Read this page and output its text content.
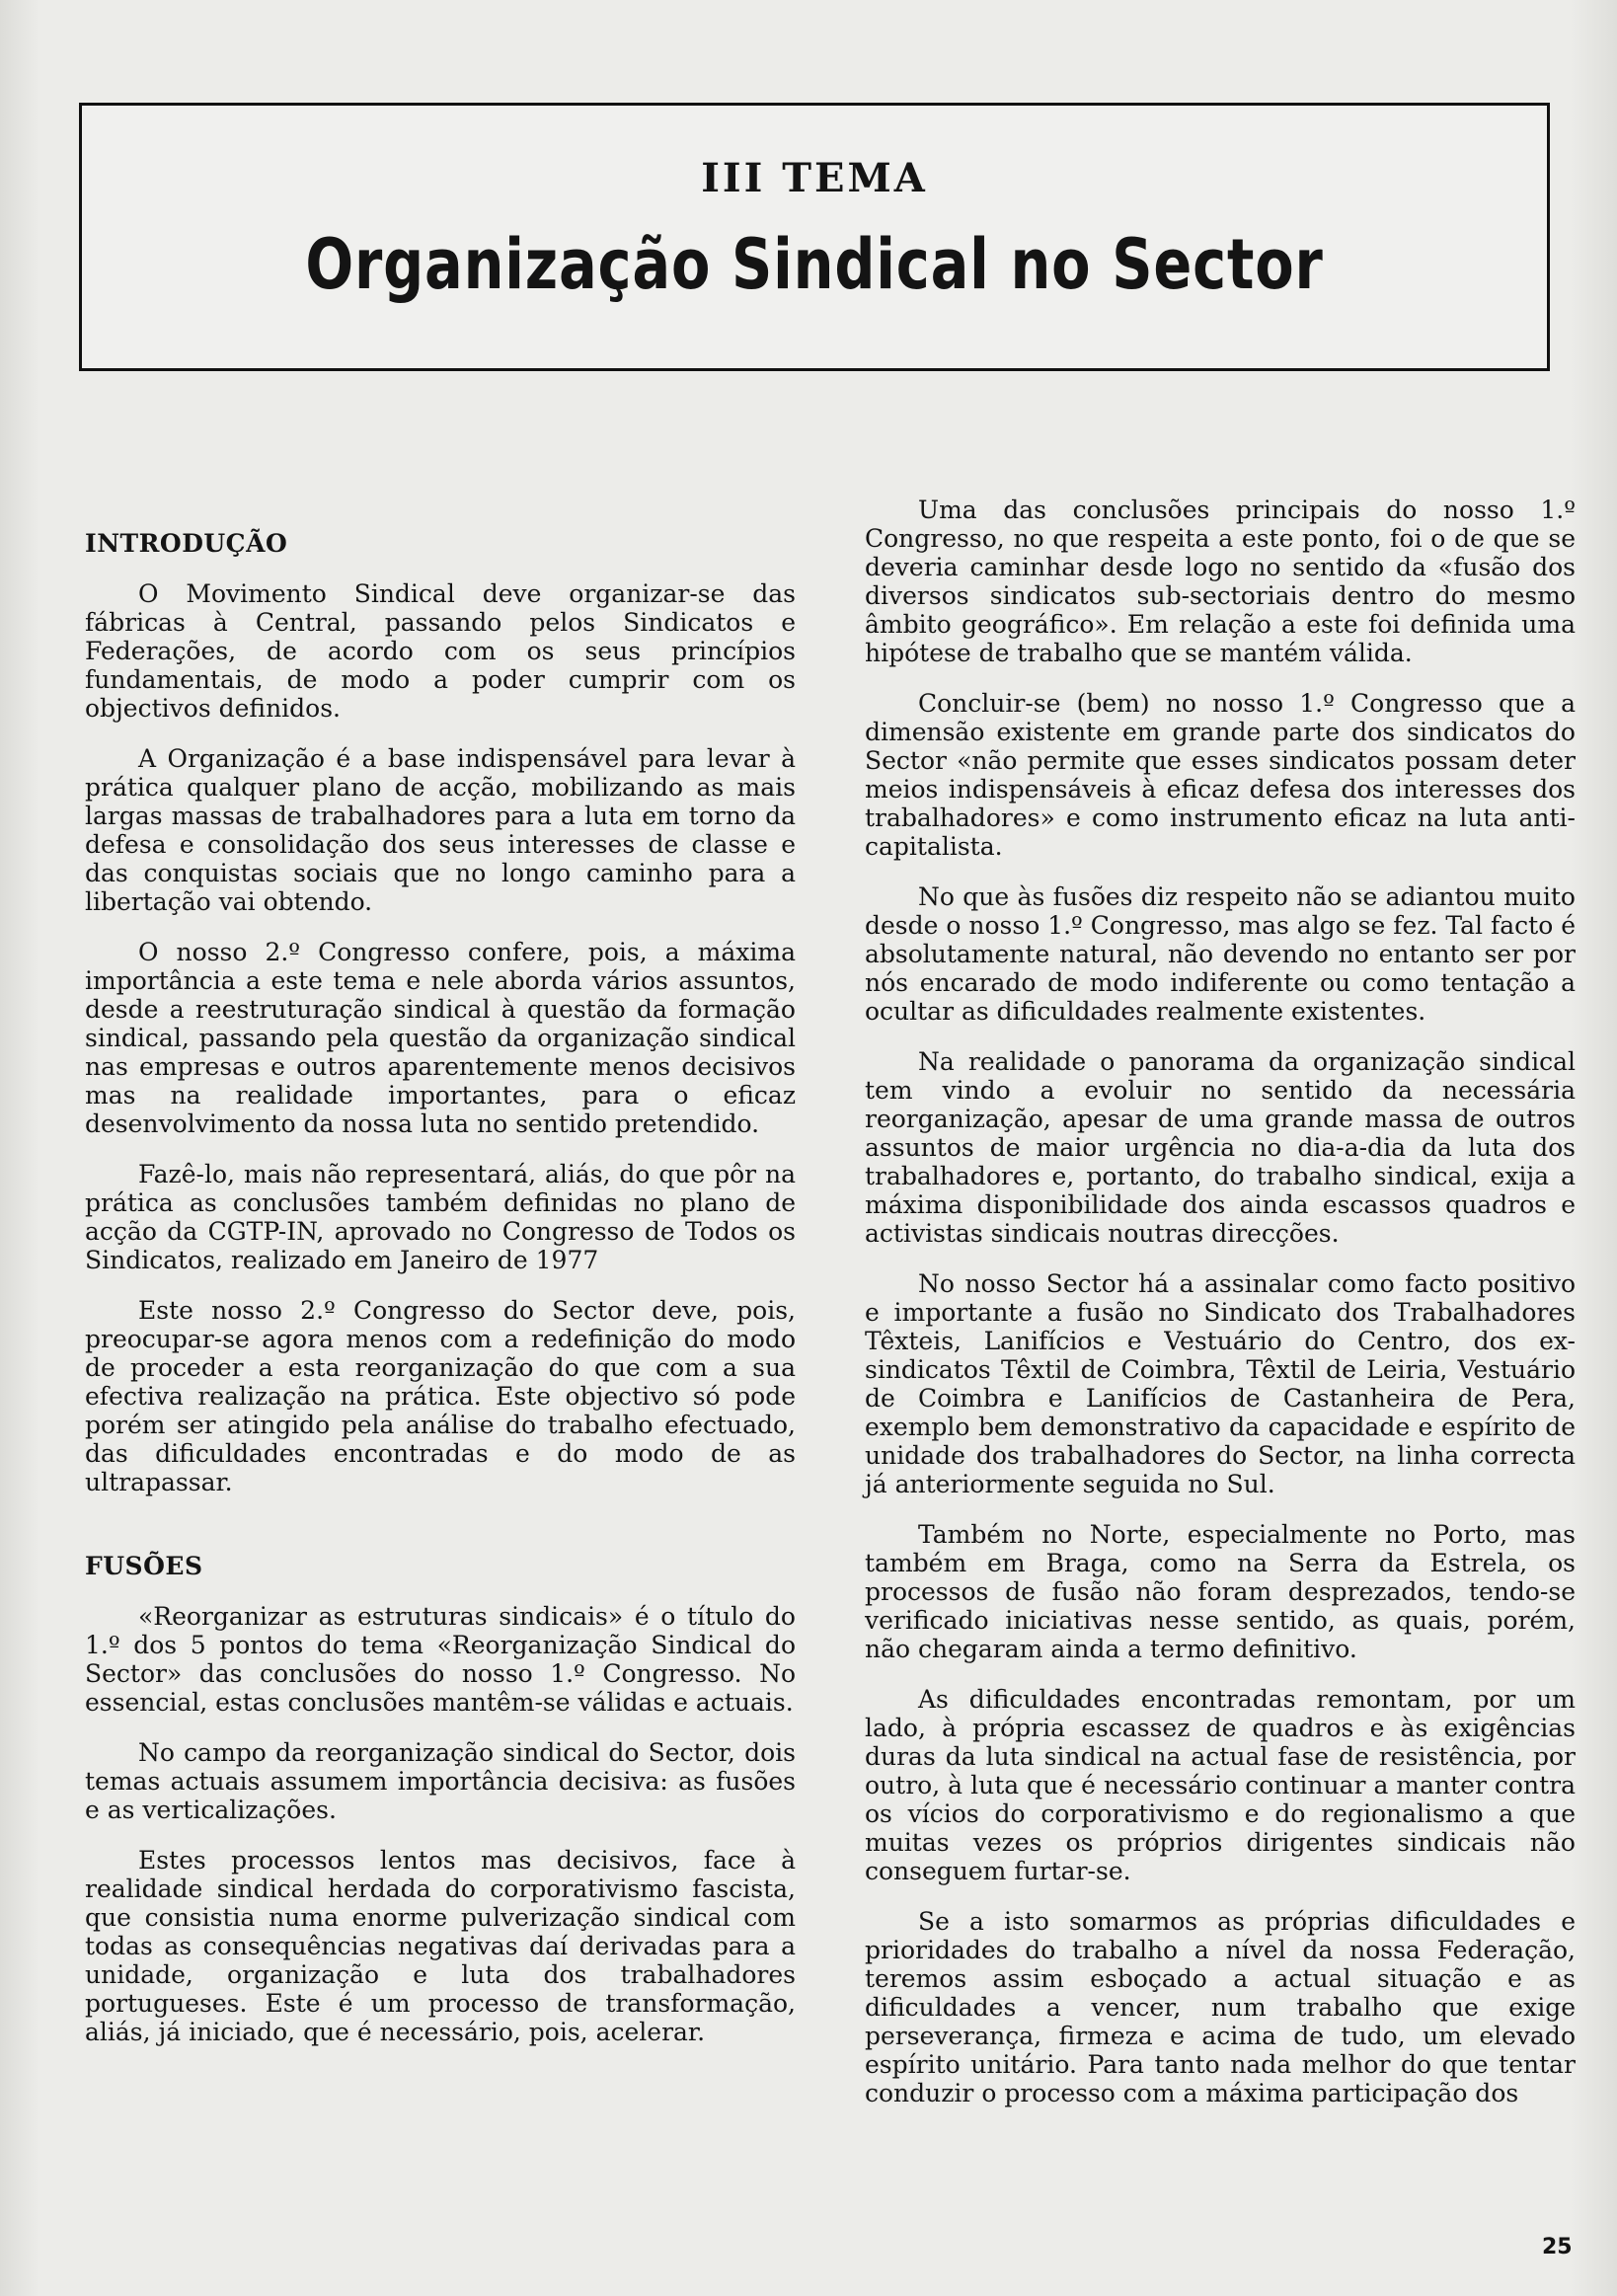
III TEMA
Organização Sindical no Sector
INTRODUÇÃO

O Movimento Sindical deve organizar-se das fábricas à Central, passando pelos Sindicatos e Federações, de acordo com os seus princípios fundamentais, de modo a poder cumprir com os objectivos definidos.

A Organização é a base indispensável para levar à prática qualquer plano de acção, mobilizando as mais largas massas de trabalhadores para a luta em torno da defesa e consolidação dos seus interesses de classe e das conquistas sociais que no longo caminho para a libertação vai obtendo.

O nosso 2.º Congresso confere, pois, a máxima importância a este tema e nele aborda vários assuntos, desde a reestruturação sindical à questão da formação sindical, passando pela questão da organização sindical nas empresas e outros aparentemente menos decisivos mas na realidade importantes, para o eficaz desenvolvimento da nossa luta no sentido pretendido.

Fazê-lo, mais não representará, aliás, do que pôr na prática as conclusões também definidas no plano de acção da CGTP-IN, aprovado no Congresso de Todos os Sindicatos, realizado em Janeiro de 1977

Este nosso 2.º Congresso do Sector deve, pois, preocupar-se agora menos com a redefinição do modo de proceder a esta reorganização do que com a sua efectiva realização na prática. Este objectivo só pode porém ser atingido pela análise do trabalho efectuado, das dificuldades encontradas e do modo de as ultrapassar.

FUSÕES

«Reorganizar as estruturas sindicais» é o título do 1.º dos 5 pontos do tema «Reorganização Sindical do Sector» das conclusões do nosso 1.º Congresso. No essencial, estas conclusões mantêm-se válidas e actuais.

No campo da reorganização sindical do Sector, dois temas actuais assumem importância decisiva: as fusões e as verticalizações.

Estes processos lentos mas decisivos, face à realidade sindical herdada do corporativismo fascista, que consistia numa enorme pulverização sindical com todas as consequências negativas daí derivadas para a unidade, organização e luta dos trabalhadores portugueses. Este é um processo de transformação, aliás, já iniciado, que é necessário, pois, acelerar.

Uma das conclusões principais do nosso 1.º Congresso, no que respeita a este ponto, foi o de que se deveria caminhar desde logo no sentido da «fusão dos diversos sindicatos sub-sectoriais dentro do mesmo âmbito geográfico». Em relação a este foi definida uma hipótese de trabalho que se mantém válida.

Concluir-se (bem) no nosso 1.º Congresso que a dimensão existente em grande parte dos sindicatos do Sector «não permite que esses sindicatos possam deter meios indispensáveis à eficaz defesa dos interesses dos trabalhadores» e como instrumento eficaz na luta anti-capitalista.

No que às fusões diz respeito não se adiantou muito desde o nosso 1.º Congresso, mas algo se fez. Tal facto é absolutamente natural, não devendo no entanto ser por nós encarado de modo indiferente ou como tentação a ocultar as dificuldades realmente existentes.

Na realidade o panorama da organização sindical tem vindo a evoluir no sentido da necessária reorganização, apesar de uma grande massa de outros assuntos de maior urgência no dia-a-dia da luta dos trabalhadores e, portanto, do trabalho sindical, exija a máxima disponibilidade dos ainda escassos quadros e activistas sindicais noutras direcções.

No nosso Sector há a assinalar como facto positivo e importante a fusão no Sindicato dos Trabalhadores Têxteis, Lanifícios e Vestuário do Centro, dos ex-sindicatos Têxtil de Coimbra, Têxtil de Leiria, Vestuário de Coimbra e Lanifícios de Castanheira de Pera, exemplo bem demonstrativo da capacidade e espírito de unidade dos trabalhadores do Sector, na linha correcta já anteriormente seguida no Sul.

Também no Norte, especialmente no Porto, mas também em Braga, como na Serra da Estrela, os processos de fusão não foram desprezados, tendo-se verificado iniciativas nesse sentido, as quais, porém, não chegaram ainda a termo definitivo.

As dificuldades encontradas remontam, por um lado, à própria escassez de quadros e às exigências duras da luta sindical na actual fase de resistência, por outro, à luta que é necessário continuar a manter contra os vícios do corporativismo e do regionalismo a que muitas vezes os próprios dirigentes sindicais não conseguem furtar-se.

Se a isto somarmos as próprias dificuldades e prioridades do trabalho a nível da nossa Federação, teremos assim esboçado a actual situação e as dificuldades a vencer, num trabalho que exige perseverança, firmeza e acima de tudo, um elevado espírito unitário. Para tanto nada melhor do que tentar conduzir o processo com a máxima participação dos

25
